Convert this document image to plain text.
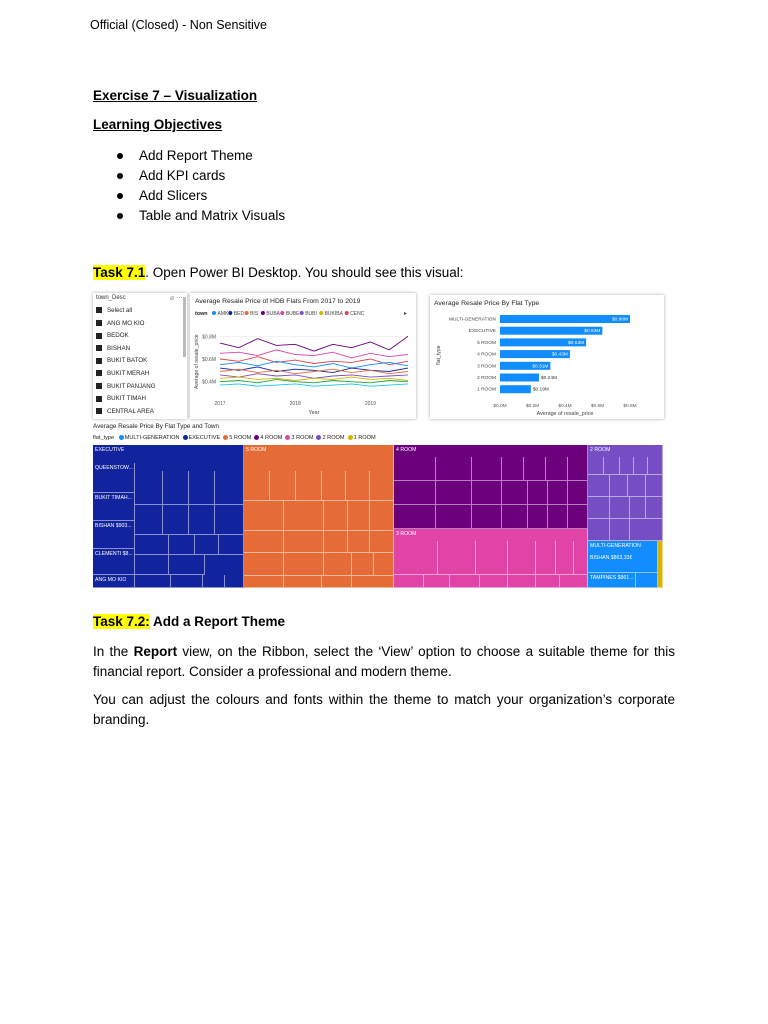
Official (Closed) - Non Sensitive
Exercise 7 – Visualization
Learning Objectives
Add Report Theme
Add KPI cards
Add Slicers
Table and Matrix Visuals
Task 7.1. Open Power BI Desktop. You should see this visual:
town_Desc	⌀ ⋯
Select all
ANG MO KIO
BEDOK
BISHAN
BUKIT BATOK
BUKIT MERAH
BUKIT PANJANG
BUKIT TIMAH
CENTRAL AREA
Average Resale Price of HDB Flats From 2017 to 2019
town AMK BED BIS BUBA BUBE BUBI BUKIBA CENC	▸
Average of resale_price $0.8M
$0.6M
$0.4M
2017	2018	2019
Year
Average Resale Price By Flat Type
flat_type
MULTI-GENERATION	$0.80M
EXECUTIVE	$0.63M
5 ROOM	$0.53M
4 ROOM	$0.43M
3 ROOM	$0.31M
2 ROOM	$0.24M
1 ROOM	$0.19M
$0.0M	$0.2M	$0.4M	$0.6M	$0.8M
Average of resale_price
Average Resale Price By Flat Type and Town
flat_type MULTI-GENERATION EXECUTIVE 5 ROOM 4 ROOM 3 ROOM 2 ROOM 1 ROOM
EXECUTIVE
QUEENSTOW...
BUKIT TIMAH...
BISHAN $903...
CLEMENTI $8...
ANG MO KIO
5 ROOM	4 ROOM
3 ROOM
2 ROOM
MULTI-GENERATION
BISHAN $863,33€
TAMPINES $861...
Task 7.2: Add a Report Theme
In the Report view, on the Ribbon, select the ‘View’ option to choose a suitable theme for this financial report. Consider a professional and modern theme.
You can adjust the colours and fonts within the theme to match your organization’s corporate branding.
